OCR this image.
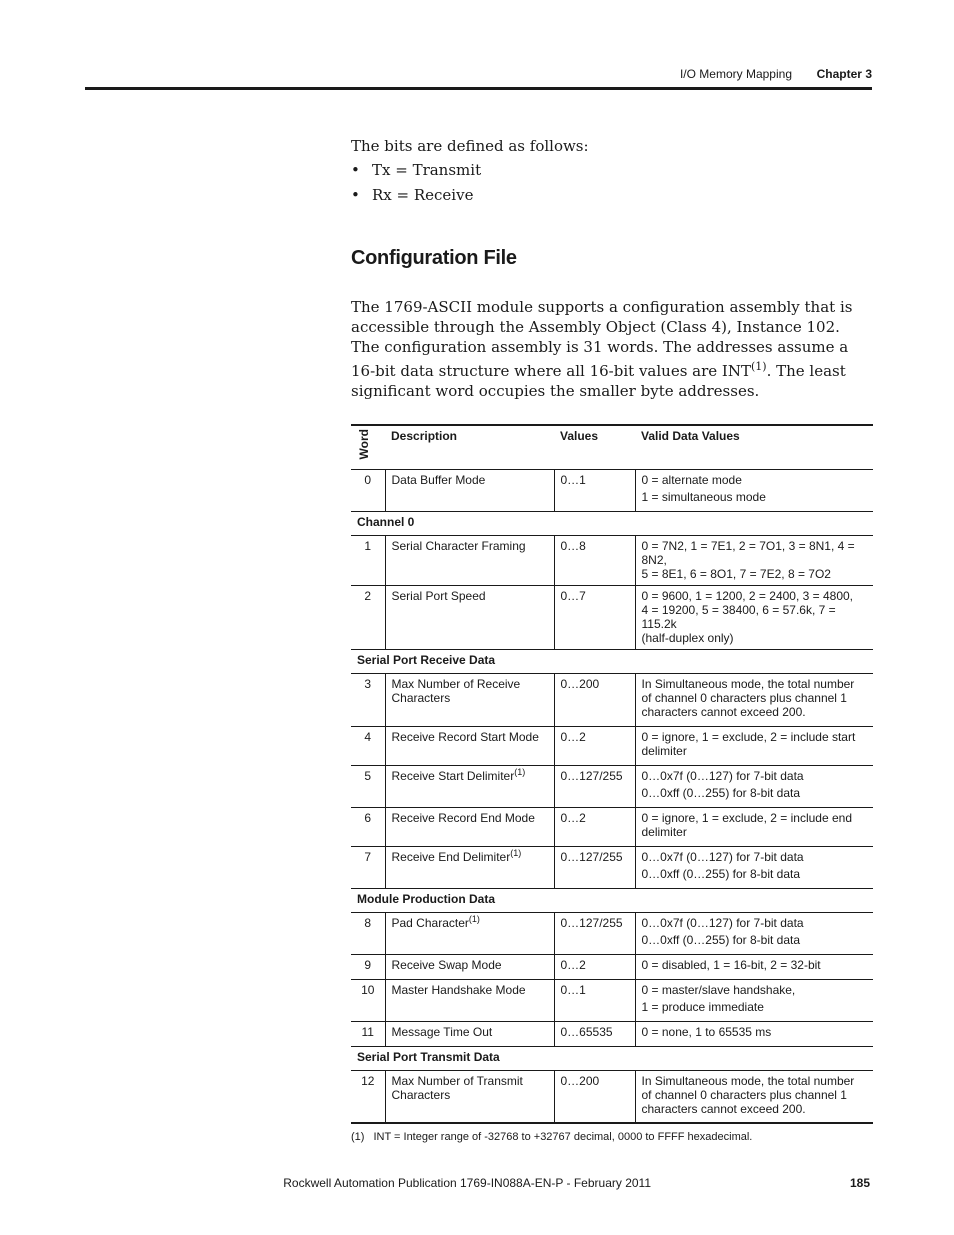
I/O Memory Mapping Chapter 3
The bits are defined as follows:
• Tx = Transmit
• Rx = Receive
Configuration File

The 1769-ASCII module supports a configuration assembly that is accessible through the Assembly Object (Class 4), Instance 102. The configuration assembly is 31 words. The addresses assume a 16-bit data structure where all 16-bit values are INT$^{(1)}$. The least significant word occupies the smaller byte addresses.

Word	Description	Values	Valid Data Values
0	Data Buffer Mode	0…1	0 = alternate mode
1 = simultaneous mode

Channel 0			
1	Serial Character Framing	0…8	0 = 7N2, 1 = 7E1, 2 = 7O1, 3 = 8N1, 4 = 8N2,
5 = 8E1, 6 = 8O1, 7 = 7E2, 8 = 7O2

2	Serial Port Speed	0…7	0 = 9600, 1 = 1200, 2 = 2400, 3 = 4800,
4 = 19200, 5 = 38400, 6 = 57.6k, 7 = 115.2k
(half-duplex only)

Serial Port Receive Data			
3	Max Number of Receive Characters	0…200	In Simultaneous mode, the total number of channel 0 characters plus channel 1 characters cannot exceed 200.
4	Receive Record Start Mode	0…2	0 = ignore, 1 = exclude, 2 = include start delimiter
5	Receive Start Delimiter$^{(1)}$	0…127/255	0…0x7f (0…127) for 7-bit data
0…0xff (0…255) for 8-bit data

6	Receive Record End Mode	0…2	0 = ignore, 1 = exclude, 2 = include end delimiter
7	Receive End Delimiter$^{(1)}$	0…127/255	0…0x7f (0…127) for 7-bit data
0…0xff (0…255) for 8-bit data

Module Production Data			
8	Pad Character$^{(1)}$	0…127/255	0…0x7f (0…127) for 7-bit data
0…0xff (0…255) for 8-bit data

9	Receive Swap Mode	0…2	0 = disabled, 1 = 16-bit, 2 = 32-bit
10	Master Handshake Mode	0…1	0 = master/slave handshake,
1 = produce immediate

11	Message Time Out	0…65535	0 = none, 1 to 65535 ms
Serial Port Transmit Data			
12	Max Number of Transmit Characters	0…200	In Simultaneous mode, the total number of channel 0 characters plus channel 1 characters cannot exceed 200.
(1) INT = Integer range of -32768 to +32767 decimal, 0000 to FFFF hexadecimal.
Rockwell Automation Publication 1769-IN088A-EN-P - February 2011	185
